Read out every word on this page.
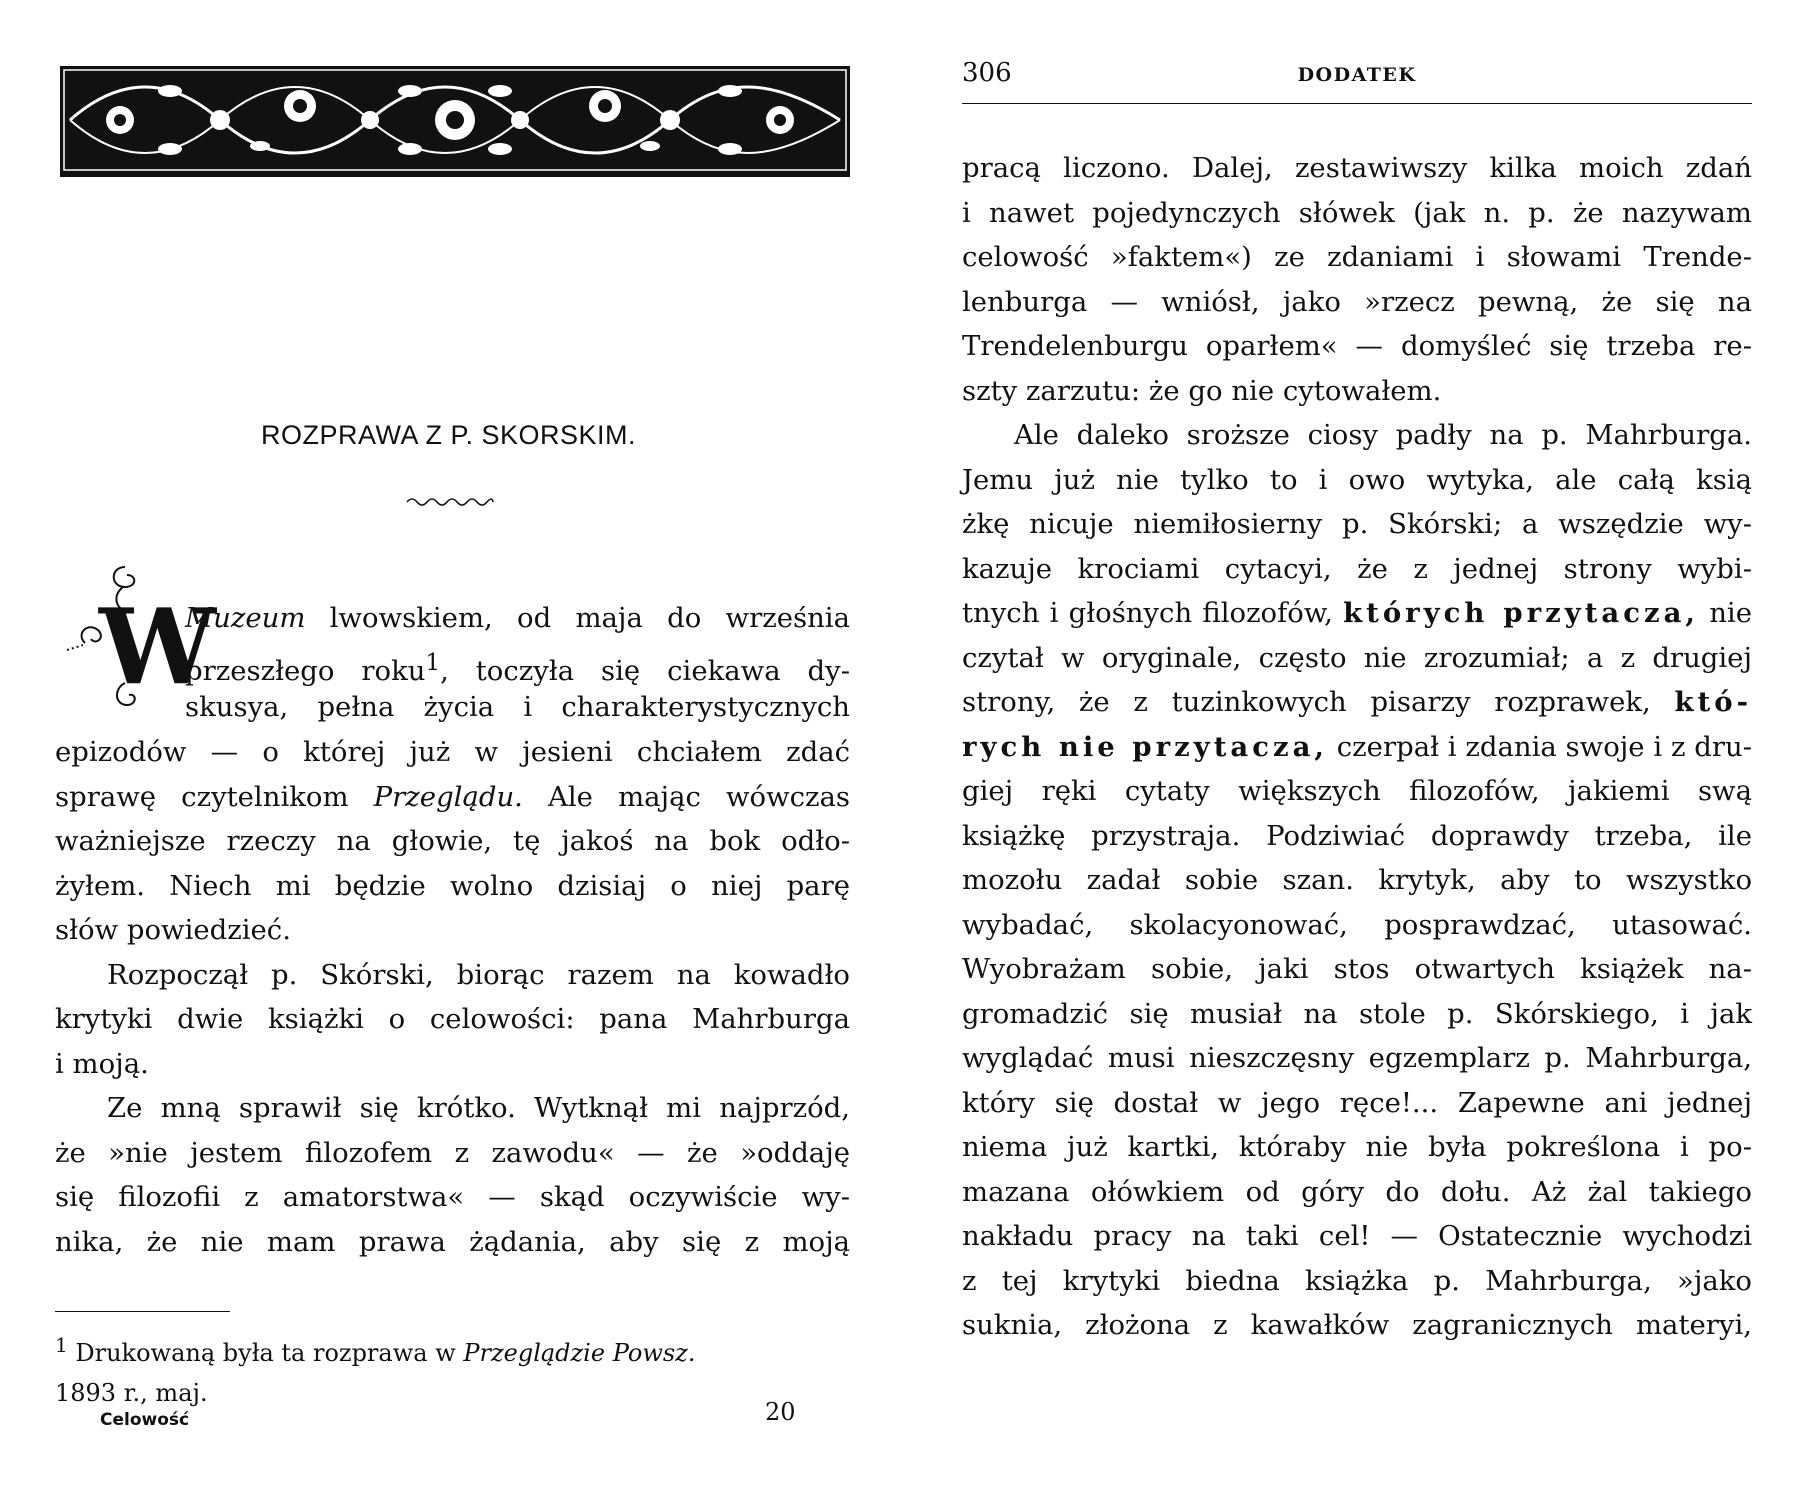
ROZPRAWA Z P. SKORSKIM.
W
Muzeum lwowskiem, od maja do września
przeszłego roku$^1$, toczyła się ciekawa dy-
skusya, pełna życia i charakterystycznych
epizodów — o której już w jesieni chciałem zdać
sprawę czytelnikom Przeglądu. Ale mając wówczas
ważniejsze rzeczy na głowie, tę jakoś na bok odło-
żyłem. Niech mi będzie wolno dzisiaj o niej parę
słów powiedzieć.
Rozpoczął p. Skórski, biorąc razem na kowadło
krytyki dwie książki o celowości: pana Mahrburga
i moją.
Ze mną sprawił się krótko. Wytknął mi najprzód,
że »nie jestem filozofem z zawodu« — że »oddaję
się filozofii z amatorstwa« — skąd oczywiście wy-
nika, że nie mam prawa żądania, aby się z moją
$^1$ Drukowaną była ta rozprawa w Przeglądzie Powsz.
1893 r., maj.
Celowość	20
306	DODATEK
pracą liczono. Dalej, zestawiwszy kilka moich zdań
i nawet pojedynczych słówek (jak n. p. że nazywam
celowość »faktem«) ze zdaniami i słowami Trende-
lenburga — wniósł, jako »rzecz pewną, że się na
Trendelenburgu oparłem« — domyśleć się trzeba re-
szty zarzutu: że go nie cytowałem.
Ale daleko sroższe ciosy padły na p. Mahrburga.
Jemu już nie tylko to i owo wytyka, ale całą ksią
żkę nicuje niemiłosierny p. Skórski; a wszędzie wy-
kazuje krociami cytacyi, że z jednej strony wybi-
tnych i głośnych filozofów, których przytacza, nie
czytał w oryginale, często nie zrozumiał; a z drugiej
strony, że z tuzinkowych pisarzy rozprawek, któ-
rych nie przytacza, czerpał i zdania swoje i z dru-
giej ręki cytaty większych filozofów, jakiemi swą
książkę przystraja. Podziwiać doprawdy trzeba, ile
mozołu zadał sobie szan. krytyk, aby to wszystko
wybadać, skolacyonować, posprawdzać, utasować.
Wyobrażam sobie, jaki stos otwartych książek na-
gromadzić się musiał na stole p. Skórskiego, i jak
wyglądać musi nieszczęsny egzemplarz p. Mahrburga,
który się dostał w jego ręce!... Zapewne ani jednej
niema już kartki, któraby nie była pokreślona i po-
mazana ołówkiem od góry do dołu. Aż żal takiego
nakładu pracy na taki cel! — Ostatecznie wychodzi
z tej krytyki biedna książka p. Mahrburga, »jako
suknia, złożona z kawałków zagranicznych materyi,
